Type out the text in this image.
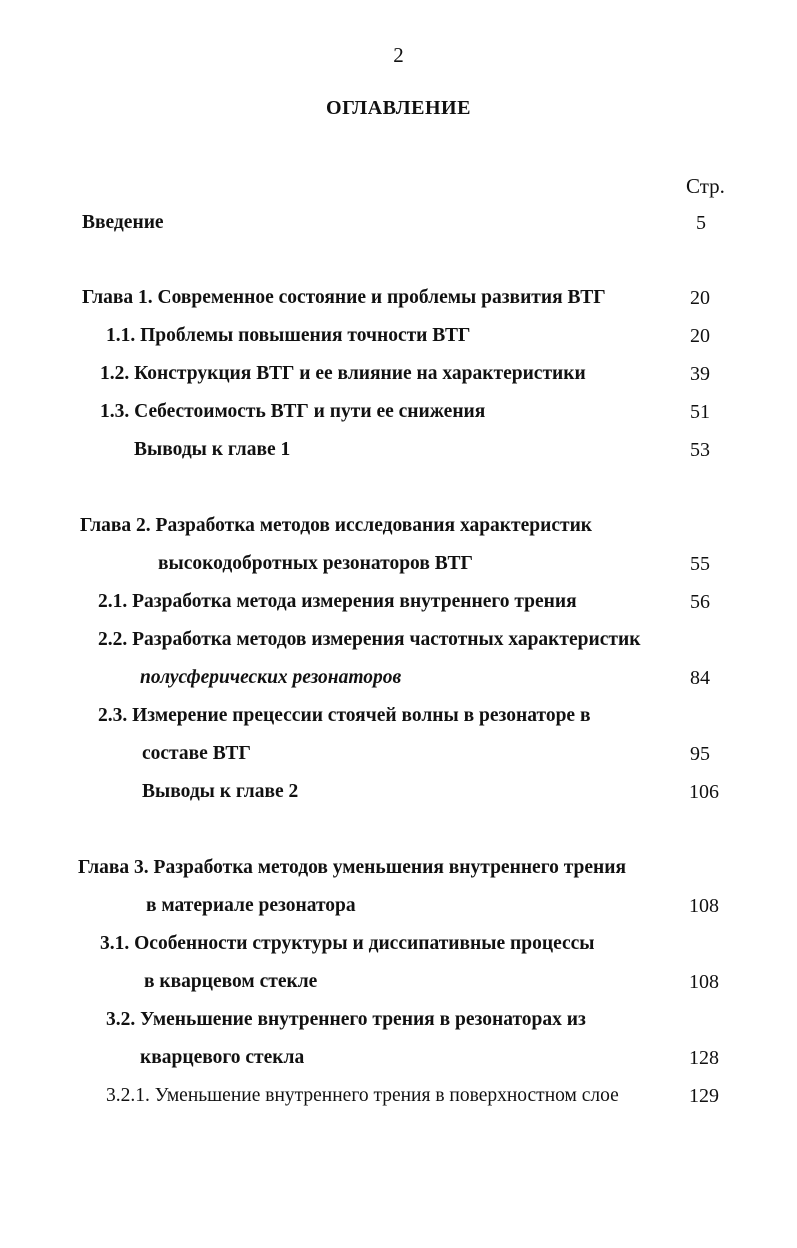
2
ОГЛАВЛЕНИЕ
Стр.
Введение	5
Глава 1. Современное состояние и проблемы развития ВТГ	20
1.1. Проблемы повышения точности ВТГ	20
1.2. Конструкция ВТГ и ее влияние на характеристики	39
1.3. Себестоимость ВТГ и пути ее снижения	51
Выводы к главе 1	53
Глава 2. Разработка методов исследования характеристик
высокодобротных резонаторов ВТГ	55
2.1. Разработка метода измерения внутреннего трения	56
2.2. Разработка методов измерения частотных характеристик
полусферических резонаторов	84
2.3. Измерение прецессии стоячей волны в резонаторе в
составе ВТГ	95
Выводы к главе 2	106
Глава 3. Разработка методов уменьшения внутреннего трения
в материале резонатора	108
3.1. Особенности структуры и диссипативные процессы
в кварцевом стекле	108
3.2. Уменьшение внутреннего трения в резонаторах из
кварцевого стекла	128
3.2.1. Уменьшение внутреннего трения в поверхностном слое	129
